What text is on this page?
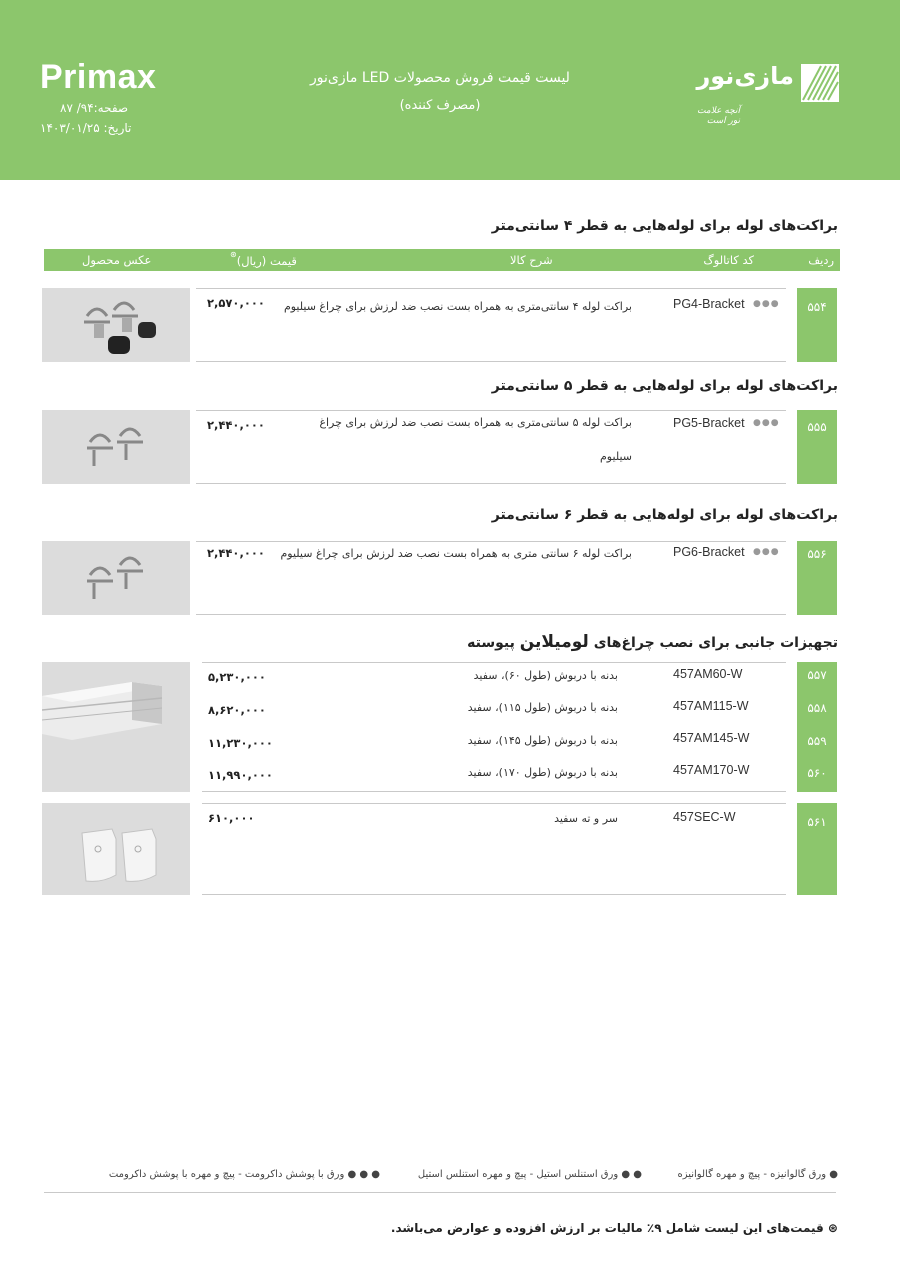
Primax
صفحه:۹۴/ ۸۷
تاریخ: ۱۴۰۳/۰۱/۲۵
لیست قیمت فروش محصولات LED مازی‌نور
(مصرف کننده)
مازی‌نور
آنچه علامت نور است
براکت‌های لوله برای لوله‌هایی به قطر ۴ سانتی‌متر
ردیف
کد کاتالوگ
شرح کالا
قیمت (ریال)⊛
عکس محصول
۵۵۴
PG4-Bracket ●●●
براکت لوله ۴ سانتی‌متری به همراه بست نصب ضد لرزش برای چراغ سیلیوم
۲,۵۷۰,۰۰۰
براکت‌های لوله برای لوله‌هایی به قطر ۵ سانتی‌متر
۵۵۵
PG5-Bracket ●●●
براکت لوله ۵ سانتی‌متری به همراه بست نصب ضد لرزش برای چراغ
سیلیوم
۲,۴۴۰,۰۰۰
براکت‌های لوله برای لوله‌هایی به قطر ۶ سانتی‌متر
۵۵۶
PG6-Bracket ●●●
براکت لوله ۶ سانتی متری به همراه بست نصب ضد لرزش برای چراغ سیلیوم
۲,۴۴۰,۰۰۰
تجهیزات جانبی برای نصب چراغ‌های لومیلاین پیوسته
۵۵۷
۵۵۸
۵۵۹
۵۶۰
457AM60-W
بدنه با دربوش (طول ۶۰)، سفید
۵,۲۳۰,۰۰۰
457AM115-W
بدنه با دربوش (طول ۱۱۵)، سفید
۸,۶۲۰,۰۰۰
457AM145-W
بدنه با دربوش (طول ۱۴۵)، سفید
۱۱,۲۳۰,۰۰۰
457AM170-W
بدنه با دربوش (طول ۱۷۰)، سفید
۱۱,۹۹۰,۰۰۰
۵۶۱
457SEC-W
سر و ته سفید
۶۱۰,۰۰۰
● ورق گالوانیزه - پیچ و مهره گالوانیزه
● ● ورق استنلس استیل - پیچ و مهره استنلس استیل
● ● ● ورق با پوشش داکرومت - پیچ و مهره با پوشش داکرومت
⊛ قیمت‌های این لیست شامل ۹٪ مالیات بر ارزش افزوده و عوارض می‌باشد.
